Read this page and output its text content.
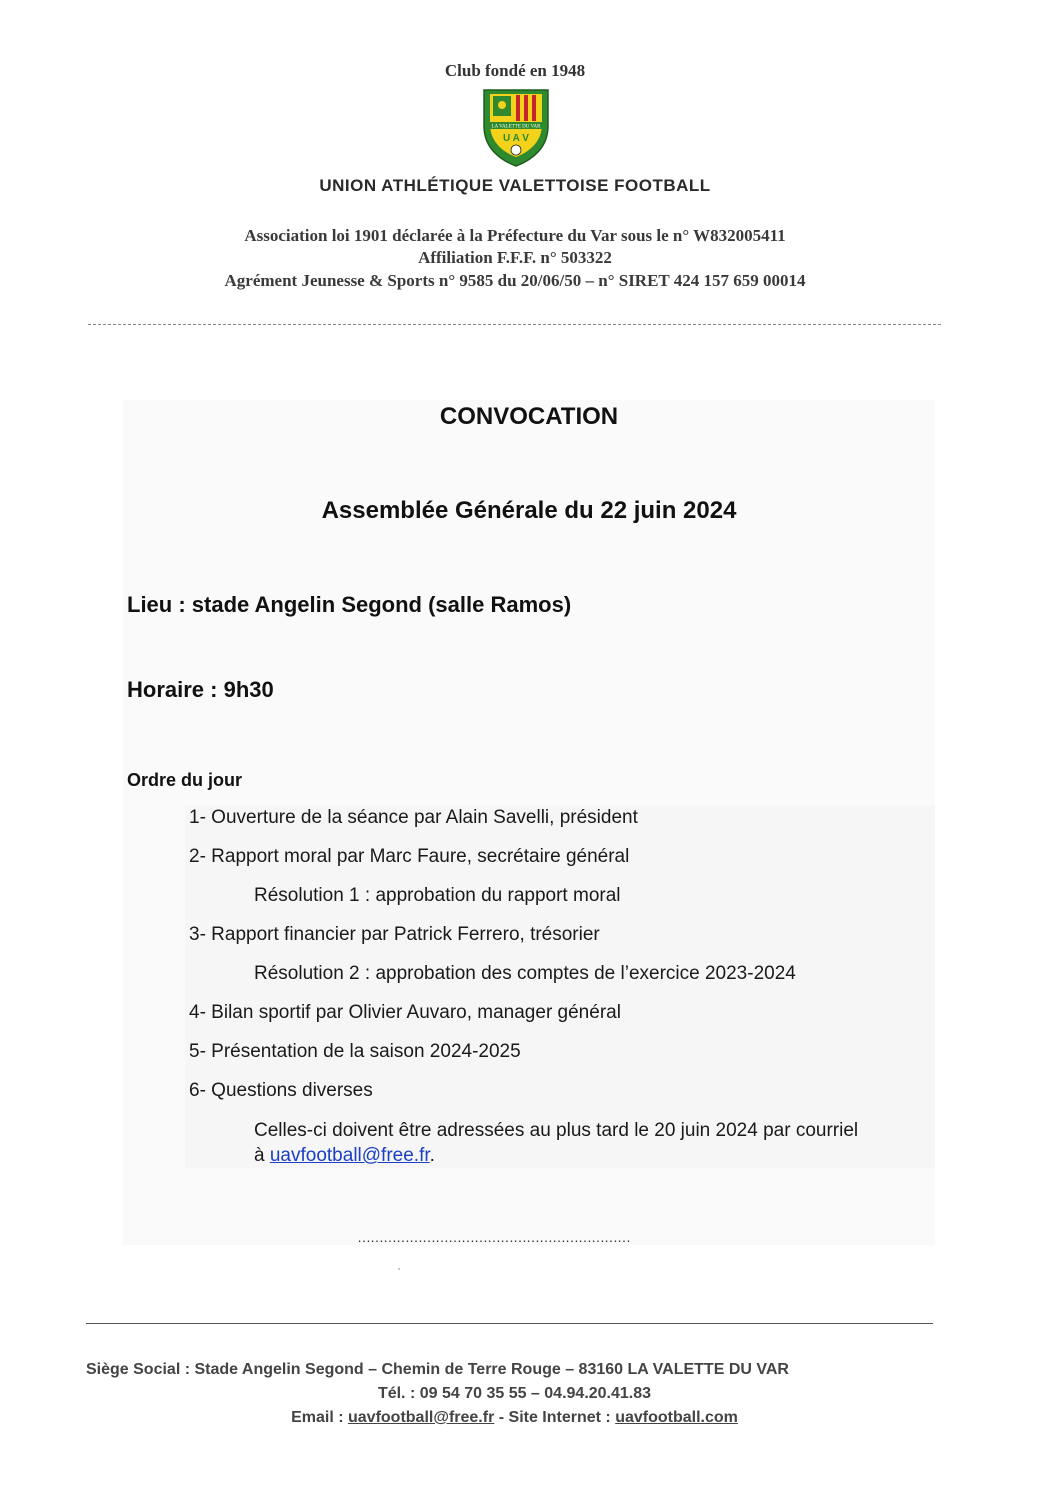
Club fondé en 1948
LA VALETTE DU VAR
U A V
UNION ATHLÉTIQUE VALETTOISE FOOTBALL
Association loi 1901 déclarée à la Préfecture du Var sous le n° W832005411
Affiliation F.F.F. n° 503322
Agrément Jeunesse & Sports n° 9585 du 20/06/50 – n° SIRET 424 157 659 00014
CONVOCATION
Assemblée Générale du 22 juin 2024
Lieu : stade Angelin Segond (salle Ramos)
Horaire : 9h30
Ordre du jour
1- Ouverture de la séance par Alain Savelli, président
2- Rapport moral par Marc Faure, secrétaire général
Résolution 1 : approbation du rapport moral
3- Rapport financier par Patrick Ferrero, trésorier
Résolution 2 : approbation des comptes de l’exercice 2023-2024
4- Bilan sportif par Olivier Auvaro, manager général
5- Présentation de la saison 2024-2025
6- Questions diverses
Celles-ci doivent être adressées au plus tard le 20 juin 2024 par courriel
à uavfootball@free.fr.
………………………………………………………
ˈ
Siège Social : Stade Angelin Segond – Chemin de Terre Rouge – 83160 LA VALETTE DU VAR
Tél. : 09 54 70 35 55 – 04.94.20.41.83
Email : uavfootball@free.fr - Site Internet : uavfootball.com
